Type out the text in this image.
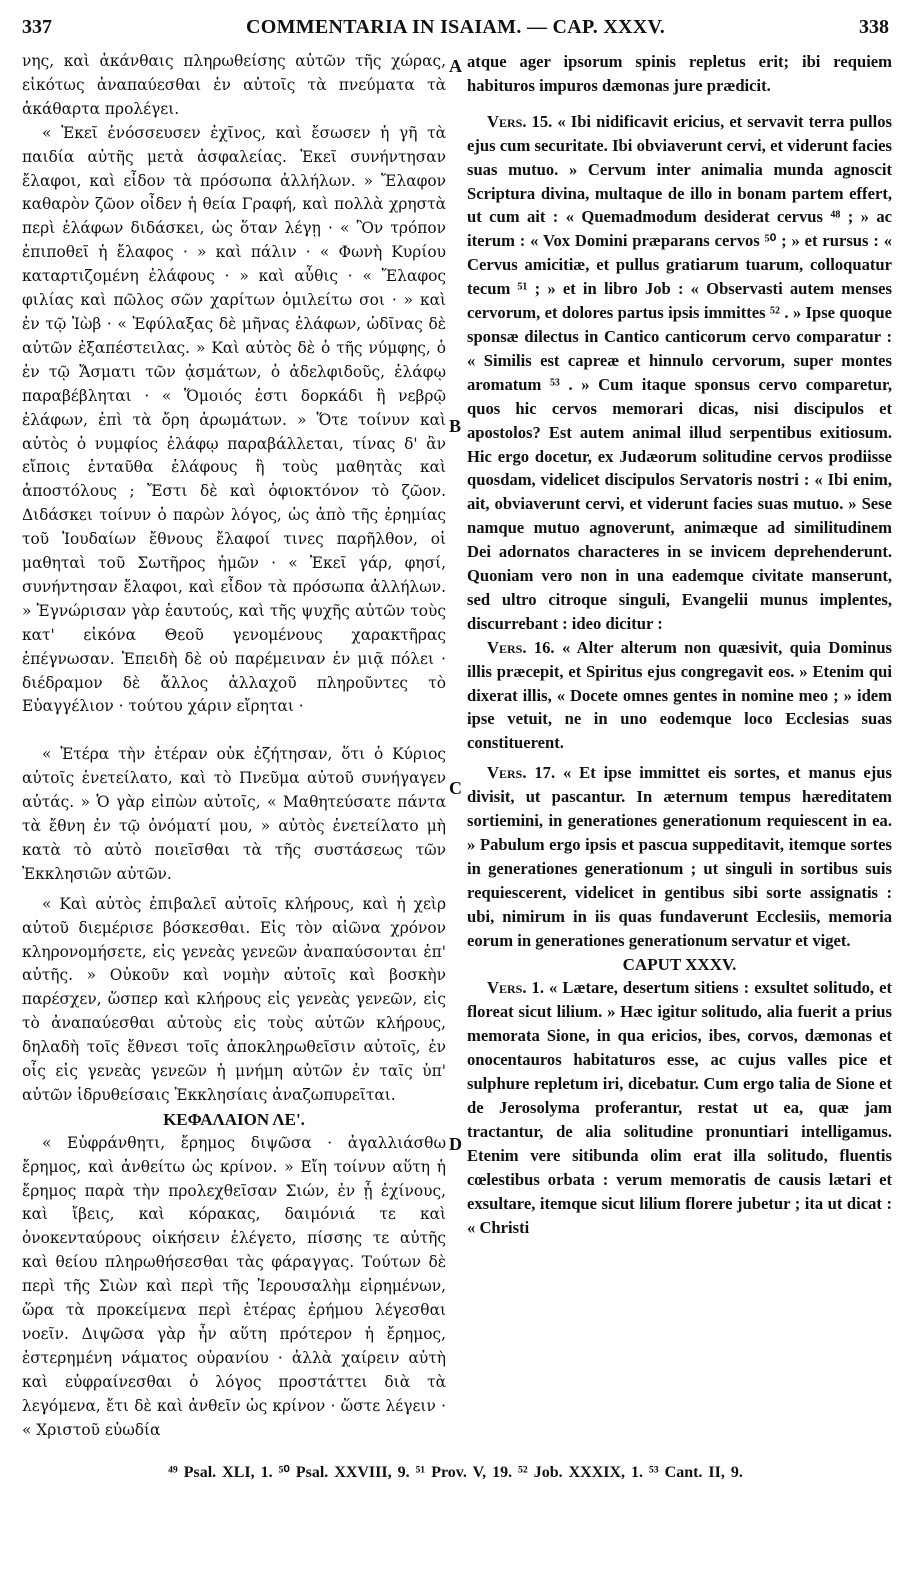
337	COMMENTARIA IN ISAIAM. — CAP. XXXV.	338

νης, καὶ ἀκάνθαις πληρωθείσης αὐτῶν τῆς χώρας, εἰκότως ἀναπαύεσθαι ἐν αὐτοῖς τὰ πνεύματα τὰ ἀκάθαρτα προλέγει.

« Ἐκεῖ ἐνόσσευσεν ἐχῖνος, καὶ ἔσωσεν ἡ γῆ τὰ παιδία αὐτῆς μετὰ ἀσφαλείας. Ἐκεῖ συνήντησαν ἔλαφοι, καὶ εἶδον τὰ πρόσωπα ἀλλήλων. » Ἔλαφον καθαρὸν ζῶον οἶδεν ἡ θεία Γραφή, καὶ πολλὰ χρηστὰ περὶ ἐλάφων διδάσκει, ὡς ὅταν λέγῃ · « Ὃν τρόπον ἐπιποθεῖ ἡ ἔλαφος · » καὶ πάλιν · « Φωνὴ Κυρίου καταρτιζομένη ἐλάφους · » καὶ αὖθις · « Ἔλαφος φιλίας καὶ πῶλος σῶν χαρίτων ὁμιλείτω σοι · » καὶ ἐν τῷ Ἰὼβ · « Ἐφύλαξας δὲ μῆνας ἐλάφων, ὠδῖνας δὲ αὐτῶν ἐξαπέστειλας. » Καὶ αὐτὸς δὲ ὁ τῆς νύμφης, ὁ ἐν τῷ Ἄσματι τῶν ᾀσμάτων, ὁ ἀδελφιδοῦς, ἐλάφῳ παραβέβληται · « Ὅμοιός ἐστι δορκάδι ἢ νεβρῷ ἐλάφων, ἐπὶ τὰ ὄρη ἀρωμάτων. » Ὅτε τοίνυν καὶ αὐτὸς ὁ νυμφίος ἐλάφῳ παραβάλλεται, τίνας δ' ἂν εἴποις ἐνταῦθα ἐλάφους ἢ τοὺς μαθητὰς καὶ ἀποστόλους ; Ἔστι δὲ καὶ ὀφιοκτόνον τὸ ζῶον. Διδάσκει τοίνυν ὁ παρὼν λόγος, ὡς ἀπὸ τῆς ἐρημίας τοῦ Ἰουδαίων ἔθνους ἔλαφοί τινες παρῆλθον, οἱ μαθηταὶ τοῦ Σωτῆρος ἡμῶν · « Ἐκεῖ γάρ, φησί, συνήντησαν ἔλαφοι, καὶ εἶδον τὰ πρόσωπα ἀλλήλων. » Ἐγνώρισαν γὰρ ἑαυτούς, καὶ τῆς ψυχῆς αὐτῶν τοὺς κατ' εἰκόνα Θεοῦ γενομένους χαρακτῆρας ἐπέγνωσαν. Ἐπειδὴ δὲ οὐ παρέμειναν ἐν μιᾷ πόλει · διέδραμον δὲ ἄλλος ἀλλαχοῦ πληροῦντες τὸ Εὐαγγέλιον · τούτου χάριν εἴρηται ·

« Ἑτέρα τὴν ἑτέραν οὐκ ἐζήτησαν, ὅτι ὁ Κύριος αὐτοῖς ἐνετείλατο, καὶ τὸ Πνεῦμα αὐτοῦ συνήγαγεν αὐτάς. » Ὁ γὰρ εἰπὼν αὐτοῖς, « Μαθητεύσατε πάντα τὰ ἔθνη ἐν τῷ ὀνόματί μου, » αὐτὸς ἐνετείλατο μὴ κατὰ τὸ αὐτὸ ποιεῖσθαι τὰ τῆς συστάσεως τῶν Ἐκκλησιῶν αὐτῶν.

« Καὶ αὐτὸς ἐπιβαλεῖ αὐτοῖς κλήρους, καὶ ἡ χεὶρ αὐτοῦ διεμέρισε βόσκεσθαι. Εἰς τὸν αἰῶνα χρόνον κληρονομήσετε, εἰς γενεὰς γενεῶν ἀναπαύσονται ἐπ' αὐτῆς. » Οὐκοῦν καὶ νομὴν αὐτοῖς καὶ βοσκὴν παρέσχεν, ὥσπερ καὶ κλήρους εἰς γενεὰς γενεῶν, εἰς τὸ ἀναπαύεσθαι αὐτοὺς εἰς τοὺς αὐτῶν κλήρους, δηλαδὴ τοῖς ἔθνεσι τοῖς ἀποκληρωθεῖσιν αὐτοῖς, ἐν οἷς εἰς γενεὰς γενεῶν ἡ μνήμη αὐτῶν ἐν ταῖς ὑπ' αὐτῶν ἱδρυθείσαις Ἐκκλησίαις ἀναζωπυρεῖται.

ΚΕΦΑΛΑΙΟΝ ΛΕ'.

« Εὐφράνθητι, ἔρημος διψῶσα · ἀγαλλιάσθω ἔρημος, καὶ ἀνθείτω ὡς κρίνον. » Εἴη τοίνυν αὕτη ἡ ἔρημος παρὰ τὴν προλεχθεῖσαν Σιών, ἐν ᾗ ἐχίνους, καὶ ἴβεις, καὶ κόρακας, δαιμόνιά τε καὶ ὀνοκενταύρους οἰκήσειν ἐλέγετο, πίσσης τε αὐτῆς καὶ θείου πληρωθήσεσθαι τὰς φάραγγας. Τούτων δὲ περὶ τῆς Σιὼν καὶ περὶ τῆς Ἱερουσαλὴμ εἰρημένων, ὥρα τὰ προκείμενα περὶ ἑτέρας ἐρήμου λέγεσθαι νοεῖν. Διψῶσα γὰρ ἦν αὕτη πρότερον ἡ ἔρημος, ἐστερημένη νάματος οὐρανίου · ἀλλὰ χαίρειν αὐτὴ καὶ εὐφραίνεσθαι ὁ λόγος προστάττει διὰ τὰ λεγόμενα, ἔτι δὲ καὶ ἀνθεῖν ὡς κρίνον · ὥστε λέγειν · « Χριστοῦ εὐωδία

atque ager ipsorum spinis repletus erit; ibi requiem habituros impuros dæmonas jure prædicit.

Vers. 15. « Ibi nidificavit ericius, et servavit terra pullos ejus cum securitate. Ibi obviaverunt cervi, et viderunt facies suas mutuo. » Cervum inter animalia munda agnoscit Scriptura divina, multaque de illo in bonam partem effert, ut cum ait : « Quemadmodum desiderat cervus ⁴⁸ ; » ac iterum : « Vox Domini præparans cervos ⁵⁰ ; » et rursus : « Cervus amicitiæ, et pullus gratiarum tuarum, colloquatur tecum ⁵¹ ; » et in libro Job : « Observasti autem menses cervorum, et dolores partus ipsis immittes ⁵² . » Ipse quoque sponsæ dilectus in Cantico canticorum cervo comparatur : « Similis est capreæ et hinnulo cervorum, super montes aromatum ⁵³ . » Cum itaque sponsus cervo comparetur, quos hic cervos memorari dicas, nisi discipulos et apostolos? Est autem animal illud serpentibus exitiosum. Hic ergo docetur, ex Judæorum solitudine cervos prodiisse quosdam, videlicet discipulos Servatoris nostri : « Ibi enim, ait, obviaverunt cervi, et viderunt facies suas mutuo. » Sese namque mutuo agnoverunt, animæque ad similitudinem Dei adornatos characteres in se invicem deprehenderunt. Quoniam vero non in una eademque civitate manserunt, sed ultro citroque singuli, Evangelii munus implentes, discurrebant : ideo dicitur :

Vers. 16. « Alter alterum non quæsivit, quia Dominus illis præcepit, et Spiritus ejus congregavit eos. » Etenim qui dixerat illis, « Docete omnes gentes in nomine meo ; » idem ipse vetuit, ne in uno eodemque loco Ecclesias suas constituerent.

Vers. 17. « Et ipse immittet eis sortes, et manus ejus divisit, ut pascantur. In æternum tempus hæreditatem sortiemini, in generationes generationum requiescent in ea. » Pabulum ergo ipsis et pascua suppeditavit, itemque sortes in generationes generationum ; ut singuli in sortibus suis requiescerent, videlicet in gentibus sibi sorte assignatis : ubi, nimirum in iis quas fundaverunt Ecclesiis, memoria eorum in generationes generationum servatur et viget.

CAPUT XXXV.

Vers. 1. « Lætare, desertum sitiens : exsultet solitudo, et floreat sicut lilium. » Hæc igitur solitudo, alia fuerit a prius memorata Sione, in qua ericios, ibes, corvos, dæmonas et onocentauros habitaturos esse, ac cujus valles pice et sulphure repletum iri, dicebatur. Cum ergo talia de Sione et de Jerosolyma proferantur, restat ut ea, quæ jam tractantur, de alia solitudine pronuntiari intelligamus. Etenim vere sitibunda olim erat illa solitudo, fluentis cœlestibus orbata : verum memoratis de causis lætari et exsultare, itemque sicut lilium florere jubetur ; ita ut dicat : « Christi

A
B
C
D
⁴⁹ Psal. XLI, 1. ⁵⁰ Psal. XXVIII, 9. ⁵¹ Prov. V, 19. ⁵² Job. XXXIX, 1. ⁵³ Cant. II, 9.
